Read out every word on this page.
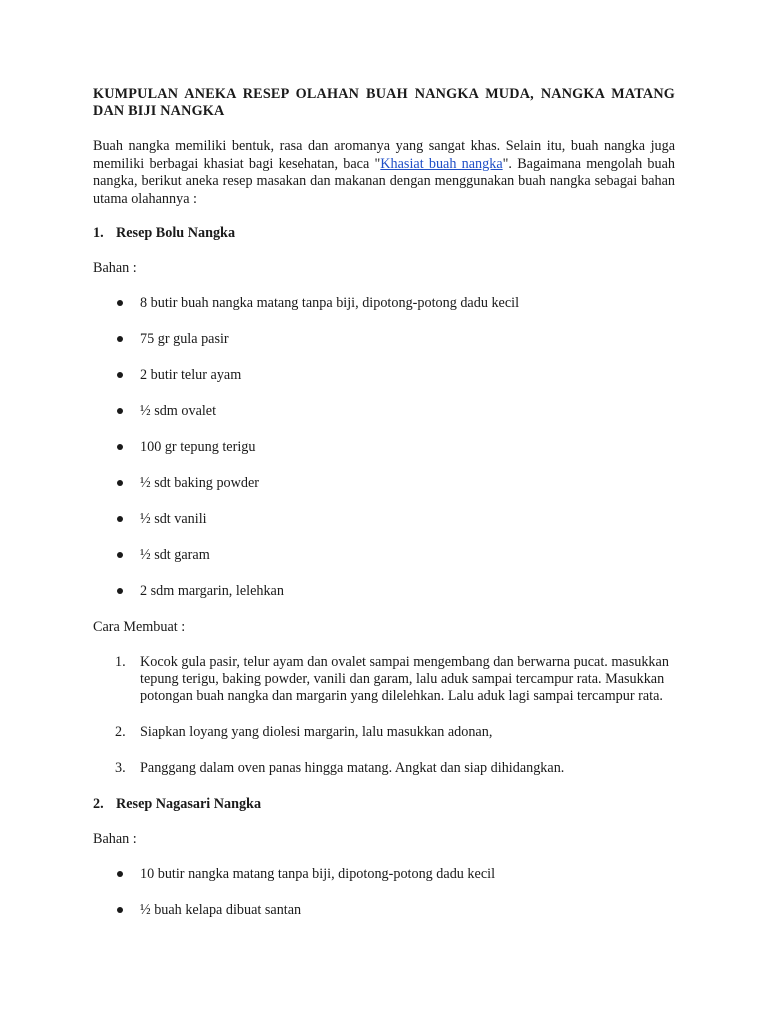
KUMPULAN ANEKA RESEP OLAHAN BUAH NANGKA MUDA, NANGKA MATANG DAN BIJI NANGKA

Buah nangka memiliki bentuk, rasa dan aromanya yang sangat khas. Selain itu, buah nangka juga memiliki berbagai khasiat bagi kesehatan, baca "Khasiat buah nangka". Bagaimana mengolah buah nangka, berikut aneka resep masakan dan makanan dengan menggunakan buah nangka sebagai bahan utama olahannya :

1. Resep Bolu Nangka

Bahan :

8 butir buah nangka matang tanpa biji, dipotong-potong dadu kecil
75 gr gula pasir
2 butir telur ayam
½ sdm ovalet
100 gr tepung terigu
½ sdt baking powder
½ sdt vanili
½ sdt garam
2 sdm margarin, lelehkan

Cara Membuat :

1. Kocok gula pasir, telur ayam dan ovalet sampai mengembang dan berwarna pucat. masukkan tepung terigu, baking powder, vanili dan garam, lalu aduk sampai tercampur rata. Masukkan potongan buah nangka dan margarin yang dilelehkan. Lalu aduk lagi sampai tercampur rata.
2. Siapkan loyang yang diolesi margarin, lalu masukkan adonan,
3. Panggang dalam oven panas hingga matang. Angkat dan siap dihidangkan.
2. Resep Nagasari Nangka

Bahan :

10 butir nangka matang tanpa biji, dipotong-potong dadu kecil
½ buah kelapa dibuat santan
